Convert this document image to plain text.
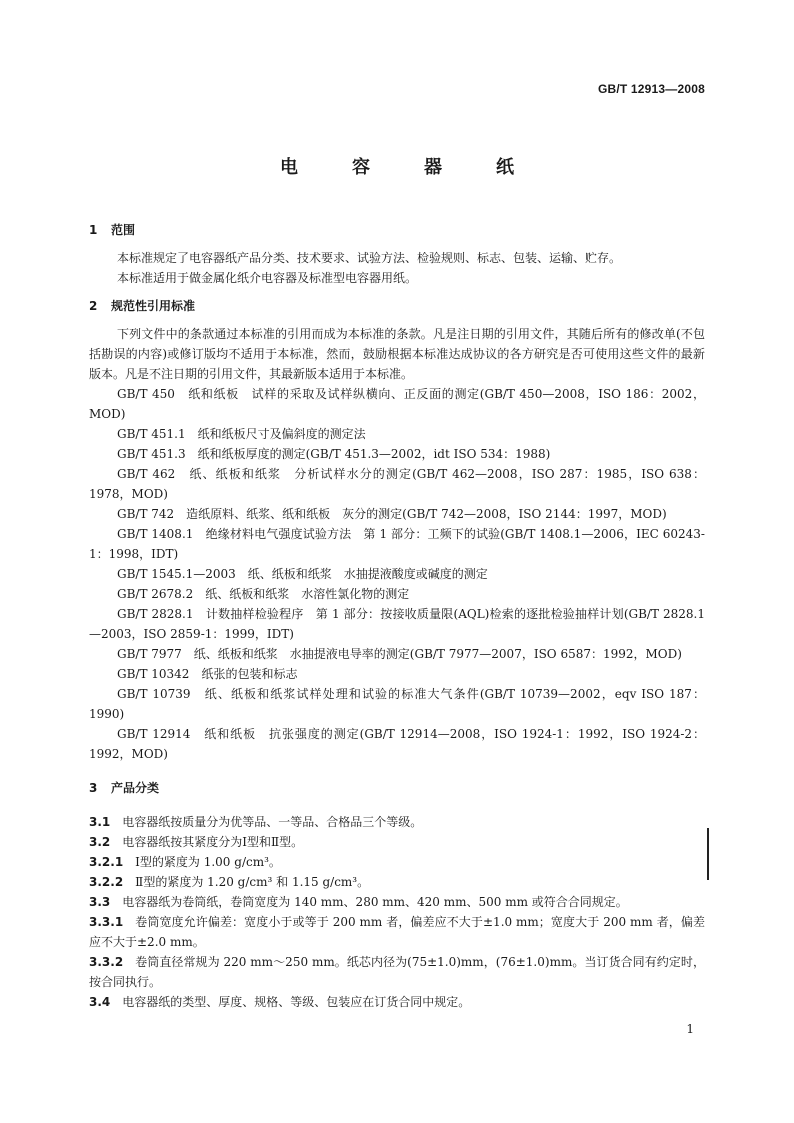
GB/T 12913—2008
电　容　器　纸
1 范围

本标准规定了电容器纸产品分类、技术要求、试验方法、检验规则、标志、包装、运输、贮存。

本标准适用于做金属化纸介电容器及标准型电容器用纸。

2 规范性引用标准

下列文件中的条款通过本标准的引用而成为本标准的条款。凡是注日期的引用文件，其随后所有的修改单(不包括勘误的内容)或修订版均不适用于本标准，然而，鼓励根据本标准达成协议的各方研究是否可使用这些文件的最新版本。凡是不注日期的引用文件，其最新版本适用于本标准。

GB/T 450　纸和纸板　试样的采取及试样纵横向、正反面的测定(GB/T 450—2008，ISO 186：2002，MOD)

GB/T 451.1　纸和纸板尺寸及偏斜度的测定法

GB/T 451.3　纸和纸板厚度的测定(GB/T 451.3—2002，idt ISO 534：1988)

GB/T 462　纸、纸板和纸浆　分析试样水分的测定(GB/T 462—2008，ISO 287：1985，ISO 638：1978，MOD)

GB/T 742　造纸原料、纸浆、纸和纸板　灰分的测定(GB/T 742—2008，ISO 2144：1997，MOD)

GB/T 1408.1　绝缘材料电气强度试验方法　第 1 部分：工频下的试验(GB/T 1408.1—2006，IEC 60243-1：1998，IDT)

GB/T 1545.1—2003　纸、纸板和纸浆　水抽提液酸度或碱度的测定

GB/T 2678.2　纸、纸板和纸浆　水溶性氯化物的测定

GB/T 2828.1　计数抽样检验程序　第 1 部分：按接收质量限(AQL)检索的逐批检验抽样计划(GB/T 2828.1—2003，ISO 2859-1：1999，IDT)

GB/T 7977　纸、纸板和纸浆　水抽提液电导率的测定(GB/T 7977—2007，ISO 6587：1992，MOD)

GB/T 10342　纸张的包装和标志

GB/T 10739　纸、纸板和纸浆试样处理和试验的标准大气条件(GB/T 10739—2002，eqv ISO 187：1990)

GB/T 12914　纸和纸板　抗张强度的测定(GB/T 12914—2008，ISO 1924-1：1992，ISO 1924-2：1992，MOD)

3 产品分类

3.1 电容器纸按质量分为优等品、一等品、合格品三个等级。

3.2 电容器纸按其紧度分为Ⅰ型和Ⅱ型。

3.2.1 Ⅰ型的紧度为 1.00 g/cm³。

3.2.2 Ⅱ型的紧度为 1.20 g/cm³ 和 1.15 g/cm³。

3.3 电容器纸为卷筒纸，卷筒宽度为 140 mm、280 mm、420 mm、500 mm 或符合合同规定。

3.3.1 卷筒宽度允许偏差：宽度小于或等于 200 mm 者，偏差应不大于±1.0 mm；宽度大于 200 mm 者，偏差应不大于±2.0 mm。

3.3.2 卷筒直径常规为 220 mm～250 mm。纸芯内径为(75±1.0)mm，(76±1.0)mm。当订货合同有约定时，按合同执行。

3.4 电容器纸的类型、厚度、规格、等级、包装应在订货合同中规定。

1
